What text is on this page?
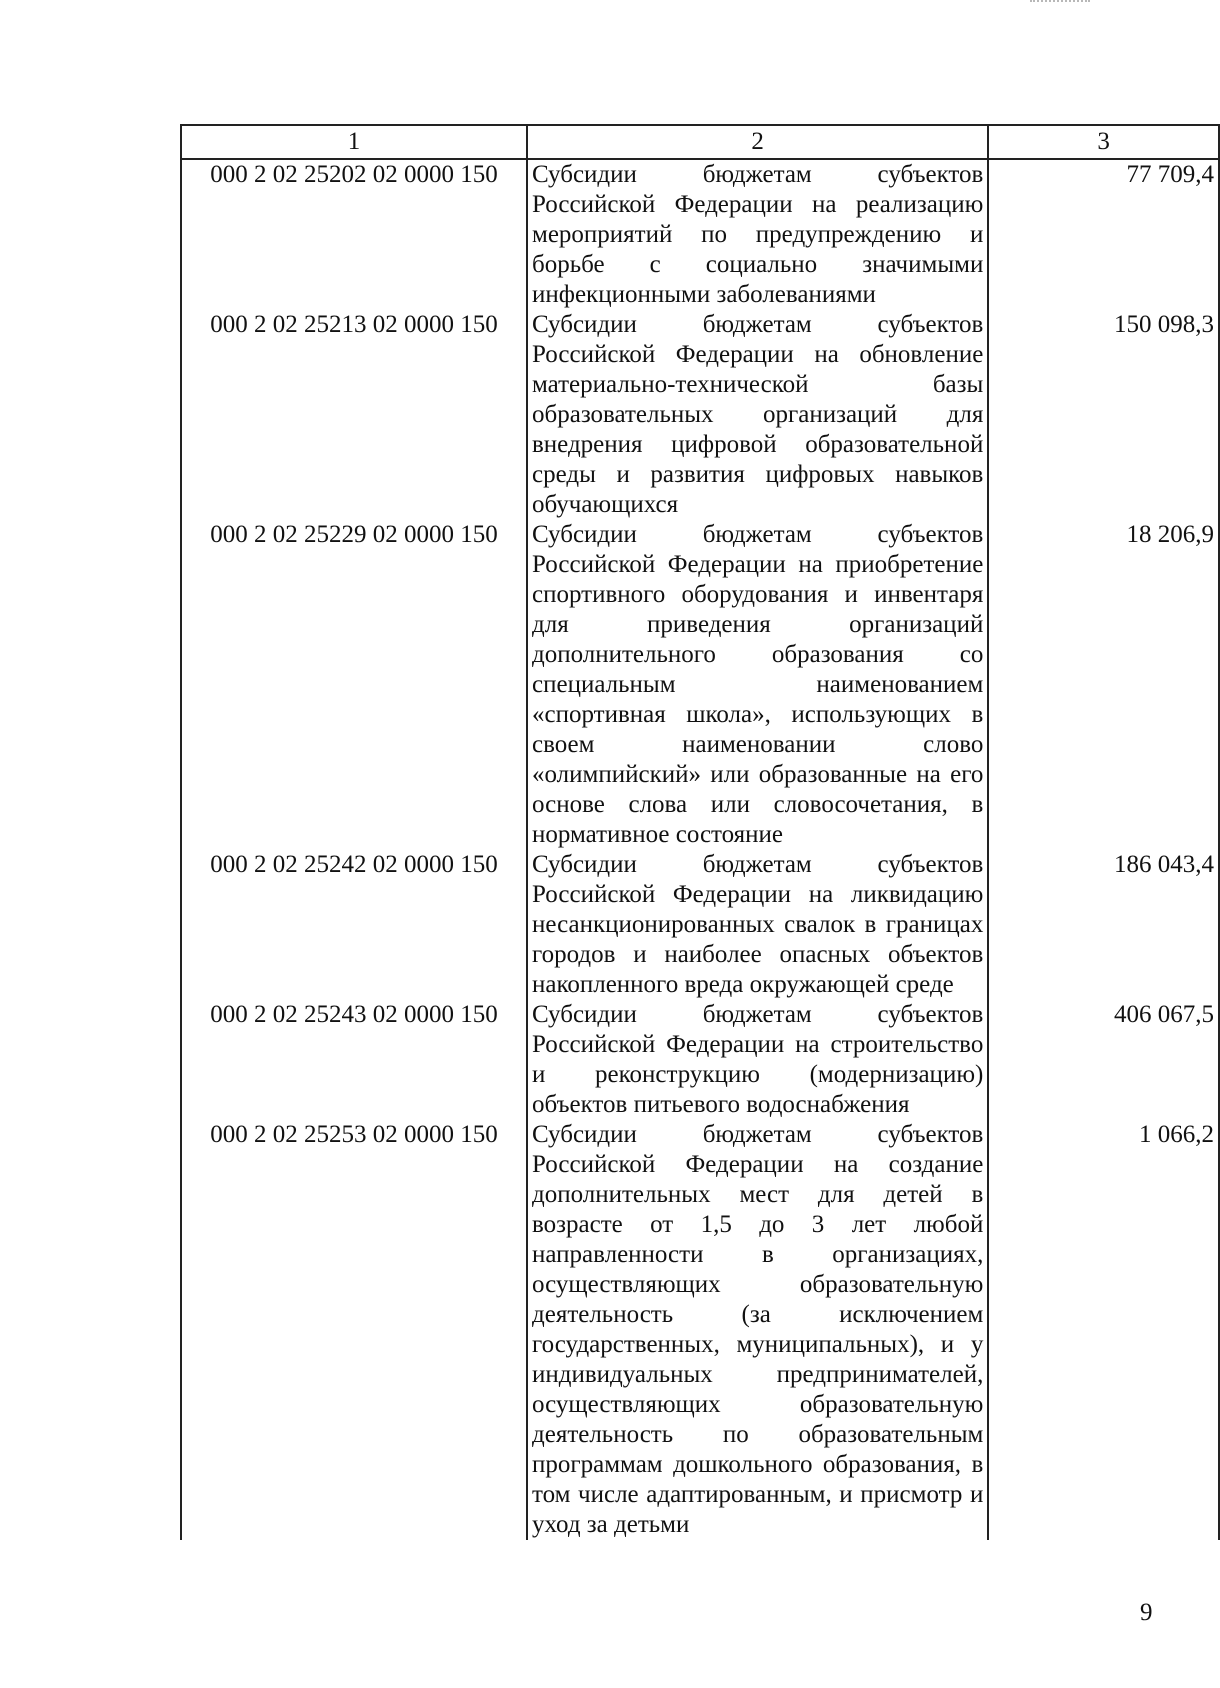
1	2	3
000 2 02 25202 02 0000 150	Субсидии бюджетам субъектов Российской Федерации на реализацию мероприятий по предупреждению и борьбе с социально значимыми инфекционными заболеваниями	77 709,4
000 2 02 25213 02 0000 150	Субсидии бюджетам субъектов Российской Федерации на обновление материально-технической базы образовательных организаций для внедрения цифровой образовательной среды и развития цифровых навыков обучающихся	150 098,3
000 2 02 25229 02 0000 150	Субсидии бюджетам субъектов Российской Федерации на приобретение спортивного оборудования и инвентаря для приведения организаций дополнительного образования со специальным наименованием «спортивная школа», использующих в своем наименовании слово «олимпийский» или образованные на его основе слова или словосочетания, в нормативное состояние	18 206,9
000 2 02 25242 02 0000 150	Субсидии бюджетам субъектов Российской Федерации на ликвидацию несанкционированных свалок в границах городов и наиболее опасных объектов накопленного вреда окружающей среде	186 043,4
000 2 02 25243 02 0000 150	Субсидии бюджетам субъектов Российской Федерации на строительство и реконструкцию (модернизацию) объектов питьевого водоснабжения	406 067,5
000 2 02 25253 02 0000 150	Субсидии бюджетам субъектов Российской Федерации на создание дополнительных мест для детей в возрасте от 1,5 до 3 лет любой направленности в организациях, осуществляющих образовательную деятельность (за исключением государственных, муниципальных), и у индивидуальных предпринимателей, осуществляющих образовательную деятельность по образовательным программам дошкольного образования, в том числе адаптированным, и присмотр и уход за детьми	1 066,2
9
